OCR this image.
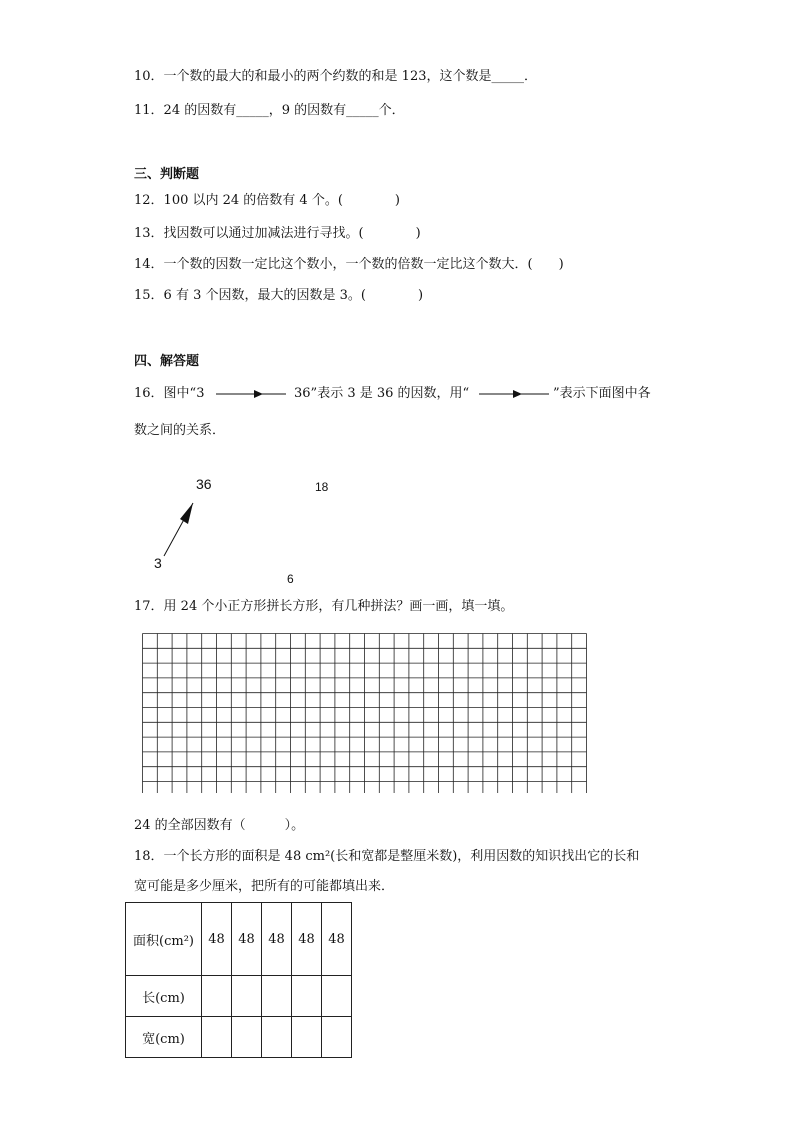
10．一个数的最大的和最小的两个约数的和是 123，这个数是_____．
11．24 的因数有_____，9 的因数有_____个．
三、判断题
12．100 以内 24 的倍数有 4 个。(　　　　)
13．找因数可以通过加减法进行寻找。(　　　　)
14．一个数的因数一定比这个数小，一个数的倍数一定比这个数大．(　　)
15．6 有 3 个因数，最大的因数是 3。(　　　　)
四、解答题
16．图中“3	36”表示 3 是 36 的因数，用“	”表示下面图中各
数之间的关系．
36
3
18
6
17．用 24 个小正方形拼长方形，有几种拼法？画一画，填一填。
24 的全部因数有（　　　）。
18．一个长方形的面积是 48 cm²(长和宽都是整厘米数)，利用因数的知识找出它的长和
宽可能是多少厘米，把所有的可能都填出来．
面积(cm²)	48	48	48	48	48
长(cm)					
宽(cm)					
